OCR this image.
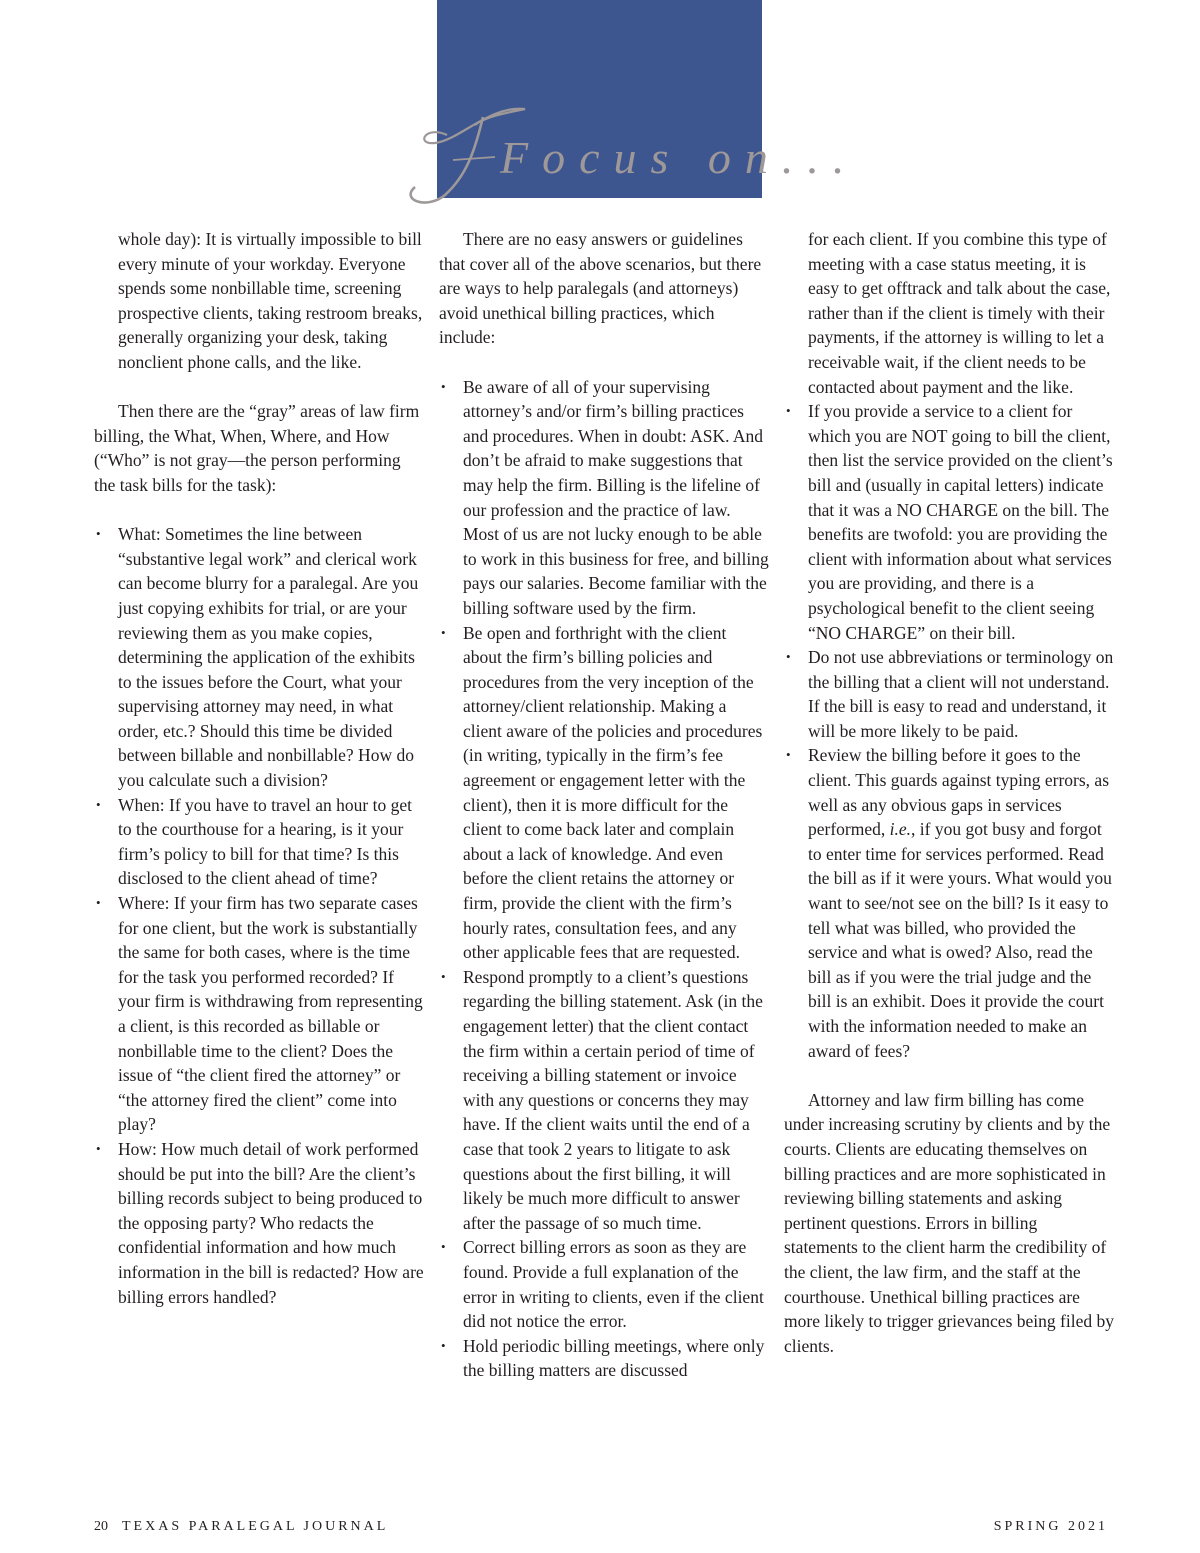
Focus on...

whole day): It is virtually impossible to bill every minute of your workday. Everyone spends some nonbillable time, screening prospective clients, taking restroom breaks, generally organizing your desk, taking nonclient phone calls, and the like.

Then there are the “gray” areas of law firm billing, the What, When, Where, and How (“Who” is not gray—the person performing the task bills for the task):

• What: Sometimes the line between “substantive legal work” and clerical work can become blurry for a paralegal. Are you just copying exhibits for trial, or are your reviewing them as you make copies, determining the application of the exhibits to the issues before the Court, what your supervising attorney may need, in what order, etc.? Should this time be divided between billable and nonbillable? How do you calculate such a division?
• When: If you have to travel an hour to get to the courthouse for a hearing, is it your firm’s policy to bill for that time? Is this disclosed to the client ahead of time?
• Where: If your firm has two separate cases for one client, but the work is substantially the same for both cases, where is the time for the task you performed recorded? If your firm is withdrawing from representing a client, is this recorded as billable or nonbillable time to the client? Does the issue of “the client fired the attorney” or “the attorney fired the client” come into play?
• How: How much detail of work performed should be put into the bill? Are the client’s billing records subject to being produced to the opposing party? Who redacts the confidential information and how much information in the bill is redacted? How are billing errors handled?

There are no easy answers or guidelines that cover all of the above scenarios, but there are ways to help paralegals (and attorneys) avoid unethical billing practices, which include:

• Be aware of all of your supervising attorney’s and/or firm’s billing practices and procedures. When in doubt: ASK. And don’t be afraid to make suggestions that may help the firm. Billing is the lifeline of our profession and the practice of law. Most of us are not lucky enough to be able to work in this business for free, and billing pays our salaries. Become familiar with the billing software used by the firm.
• Be open and forthright with the client about the firm’s billing policies and procedures from the very inception of the attorney/client relationship. Making a client aware of the policies and procedures (in writing, typically in the firm’s fee agreement or engagement letter with the client), then it is more difficult for the client to come back later and complain about a lack of knowledge. And even before the client retains the attorney or firm, provide the client with the firm’s hourly rates, consultation fees, and any other applicable fees that are requested.
• Respond promptly to a client’s questions regarding the billing statement. Ask (in the engagement letter) that the client contact the firm within a certain period of time of receiving a billing statement or invoice with any questions or concerns they may have. If the client waits until the end of a case that took 2 years to litigate to ask questions about the first billing, it will likely be much more difficult to answer after the passage of so much time.
• Correct billing errors as soon as they are found. Provide a full explanation of the error in writing to clients, even if the client did not notice the error.
• Hold periodic billing meetings, where only the billing matters are discussed

for each client. If you combine this type of meeting with a case status meeting, it is easy to get offtrack and talk about the case, rather than if the client is timely with their payments, if the attorney is willing to let a receivable wait, if the client needs to be contacted about payment and the like.

• If you provide a service to a client for which you are NOT going to bill the client, then list the service provided on the client’s bill and (usually in capital letters) indicate that it was a NO CHARGE on the bill. The benefits are twofold: you are providing the client with information about what services you are providing, and there is a psychological benefit to the client seeing “NO CHARGE” on their bill.
• Do not use abbreviations or terminology on the billing that a client will not understand. If the bill is easy to read and understand, it will be more likely to be paid.
• Review the billing before it goes to the client. This guards against typing errors, as well as any obvious gaps in services performed, i.e., if you got busy and forgot to enter time for services performed. Read the bill as if it were yours. What would you want to see/not see on the bill? Is it easy to tell what was billed, who provided the service and what is owed? Also, read the bill as if you were the trial judge and the bill is an exhibit. Does it provide the court with the information needed to make an award of fees?

Attorney and law firm billing has come under increasing scrutiny by clients and by the courts. Clients are educating themselves on billing practices and are more sophisticated in reviewing billing statements and asking pertinent questions. Errors in billing statements to the client harm the credibility of the client, the law firm, and the staff at the courthouse. Unethical billing practices are more likely to trigger grievances being filed by clients.

20 TEXAS PARALEGAL JOURNAL	SPRING 2021
